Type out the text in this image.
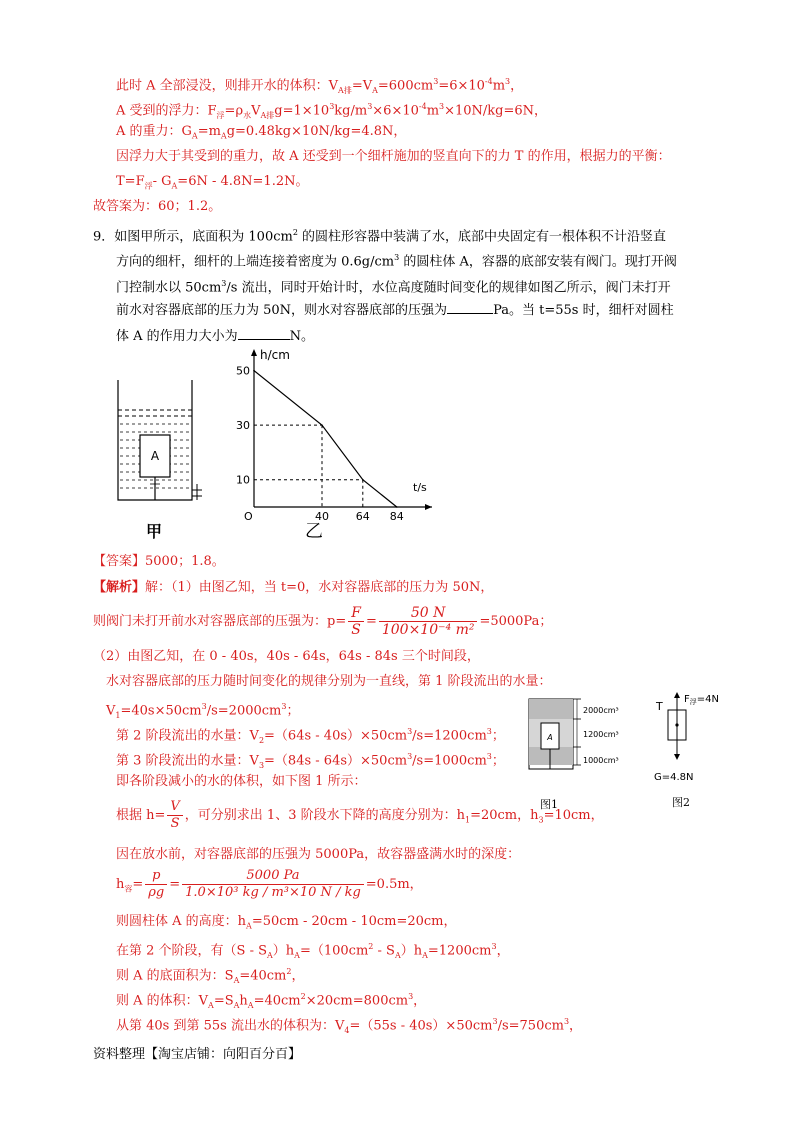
此时 A 全部浸没，则排开水的体积：$V_{A排}=V_A=600cm^3=6\times 10^{-4}m^3$，
A 受到的浮力：$F_浮=\rho_水V_{A排}g=1\times 10^3kg/m^3\times 6\times 10^{-4}m^3\times 10N/kg=6N$，
A 的重力：$G_A=m_Ag=0.48kg\times 10N/kg=4.8N$，
因浮力大于其受到的重力，故 A 还受到一个细杆施加的竖直向下的力 T 的作用，根据力的平衡：
$T=F_浮-$ $G_A=6N - 4.8N=1.2N$。
故答案为：60；1.2。
9．如图甲所示，底面积为 $100cm^2$ 的圆柱形容器中装满了水，底部中央固定有一根体积不计沿竖直
方向的细杆，细杆的上端连接着密度为 $0.6g/cm^3$ 的圆柱体 A，容器的底部安装有阀门。现打开阀
门控制水以 $50cm^3/s$ 流出，同时开始计时，水位高度随时间变化的规律如图乙所示，阀门未打开
前水对容器底部的压力为 50N，则水对容器底部的压强为	Pa。当 t=55s 时，细杆对圆柱
体 A 的作用力大小为	N。
A
甲
h/cm
t/s
O	40 64 84
50
30
10
乙
【答案】5000；1.8。
【解析】解：（1）由图乙知，当 t=0，水对容器底部的压力为 50N，
则阀门未打开前水对容器底部的压强为：$p= \frac{F}{S} = \frac{50 N}{\text{100×10⁻⁴ m²}} =5000Pa$；
（2）由图乙知，在 0 - 40s，40s - 64s，64s - 84s 三个时间段，
水对容器底部的压力随时间变化的规律分别为一直线，第 1 阶段流出的水量：
$V_1=40s\times 50cm^3/s=2000cm^3$；
第 2 阶段流出的水量：$V_2=(64s - 40s)\times 50cm^3/s=1200cm^3$；
第 3 阶段流出的水量：$V_3=(84s - 64s)\times 50cm^3/s=1000cm^3$；
即各阶段减小的水的体积，如下图 1 所示：
根据 $h= \frac{V}{S}$ ，可分别求出 1、3 阶段水下降的高度分别为：$h_1=20cm$，$h_3=10cm$，
因在放水前，对容器底部的压强为 5000Pa，故容器盛满水时的深度：
$h_容= \frac{p}{\rho g} = \frac{5000 Pa}{\text{1.0×10³ kg / m³×10 N / kg}} =0.5m$，
则圆柱体 A 的高度：$h_A=50cm - 20cm - 10cm=20cm$，
在第 2 个阶段，有$(S - S_A)h_A=(100cm^2 - S_A)h_A=1200cm^3$，
则 A 的底面积为：$S_A=40cm^2$，
则 A 的体积：$V_A=S_Ah_A=40cm^2\times 20cm=800cm^3$，
从第 40s 到第 55s 流出水的体积为：$V_4=(55s - 40s)\times 50cm^3/s=750cm^3$，
A
2000cm³
1200cm³
1000cm³
图1
T
$F_浮=4N$
G=4.8N
图2
资料整理【淘宝店铺：向阳百分百】
